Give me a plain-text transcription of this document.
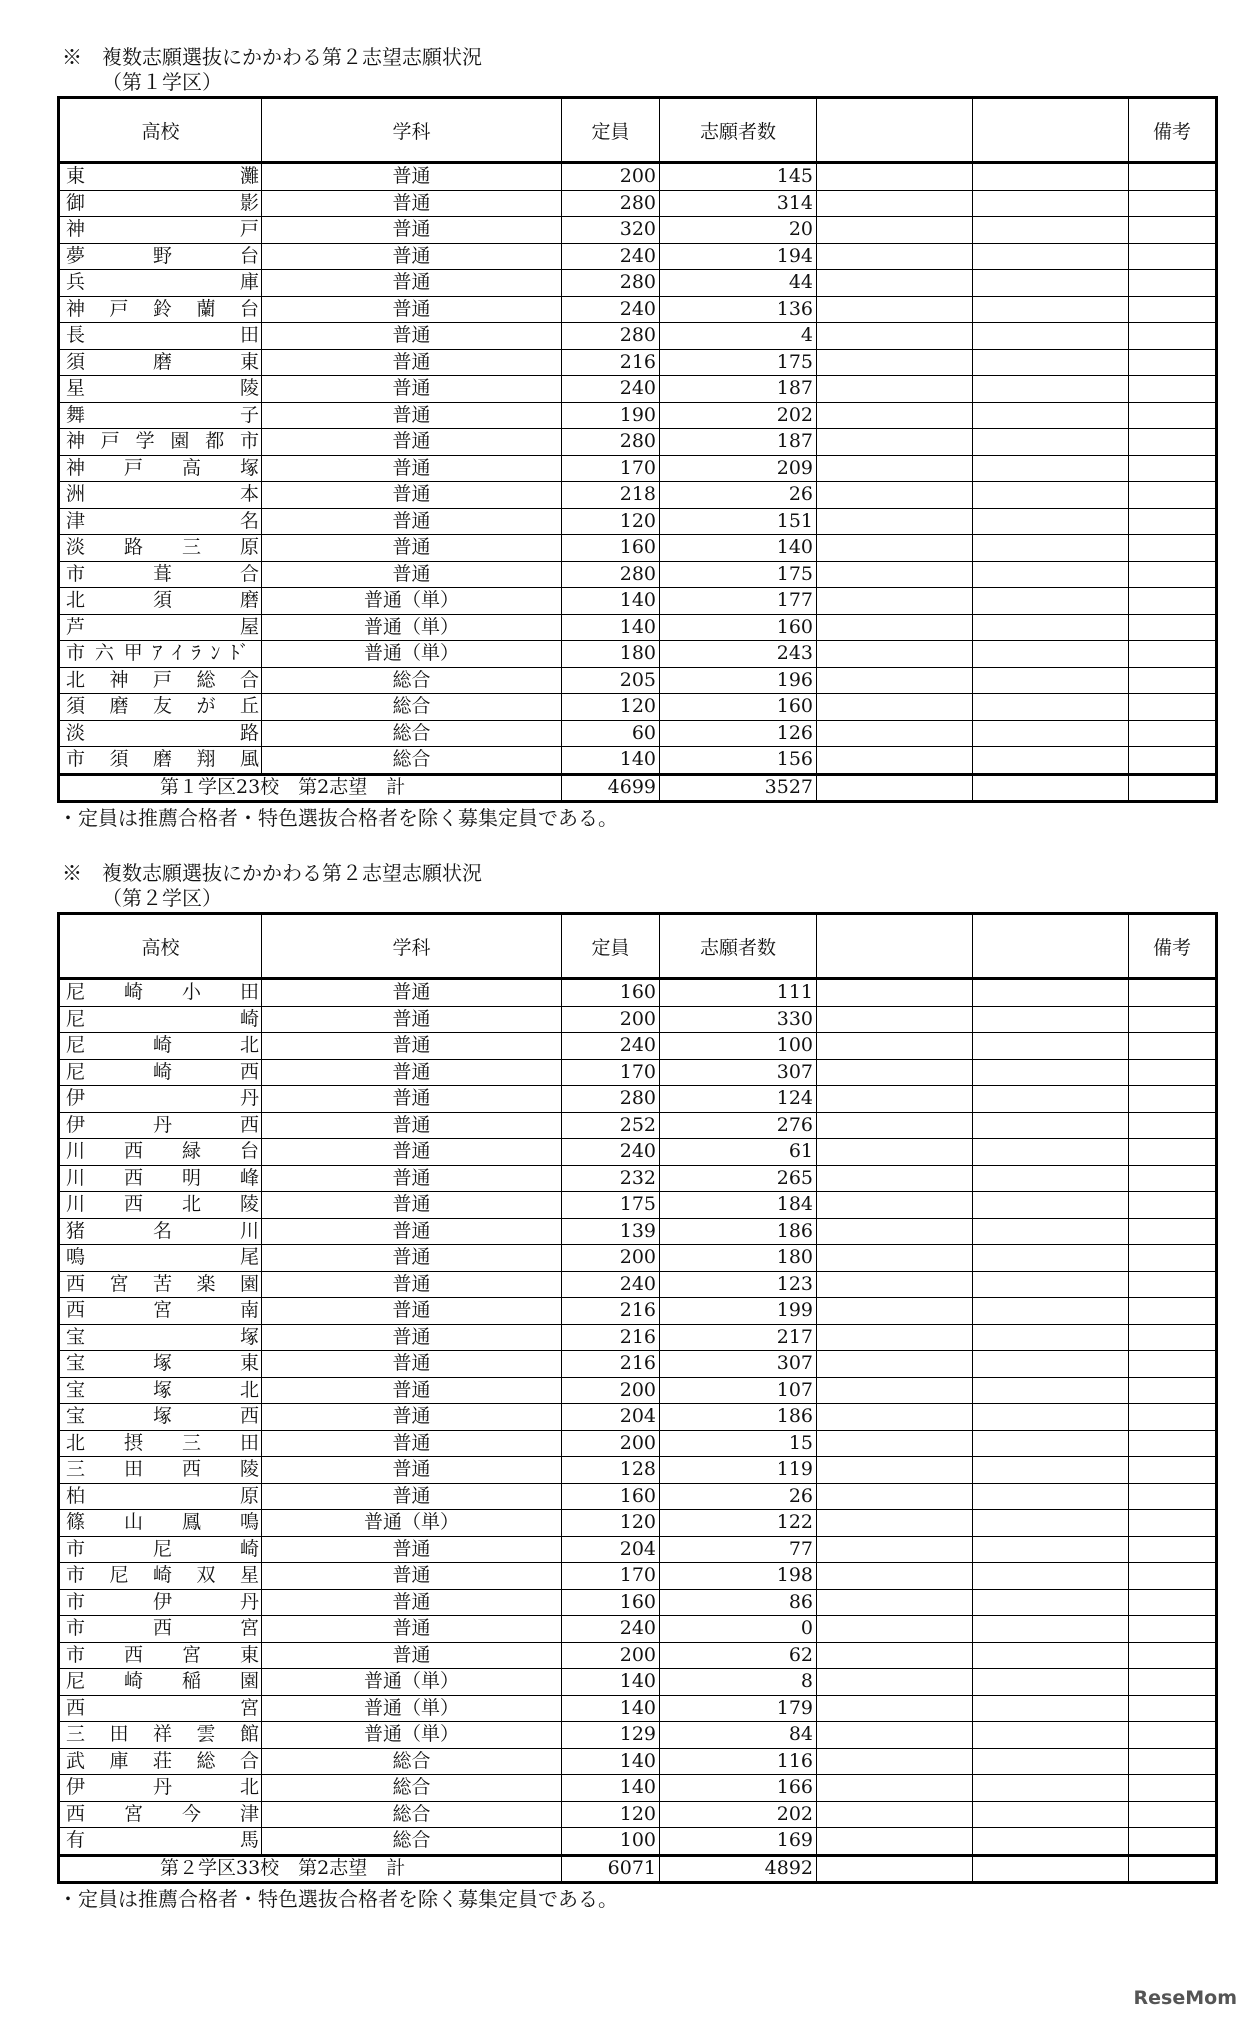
※　複数志願選抜にかかわる第２志望志願状況
（第１学区）
高校	学科	定員	志願者数			備考
東灘	普通	200	145			
御影	普通	280	314			
神戸	普通	320	20			
夢野台	普通	240	194			
兵庫	普通	280	44			
神戸鈴蘭台	普通	240	136			
長田	普通	280	4			
須磨東	普通	216	175			
星陵	普通	240	187			
舞子	普通	190	202			
神戸学園都市	普通	280	187			
神戸高塚	普通	170	209			
洲本	普通	218	26			
津名	普通	120	151			
淡路三原	普通	160	140			
市葺合	普通	280	175			
北須磨	普通（単）	140	177			
芦屋	普通（単）	140	160			
市六甲ｱｲﾗﾝﾄﾞ	普通（単）	180	243			
北神戸総合	総合	205	196			
須磨友が丘	総合	120	160			
淡路	総合	60	126			
市須磨翔風	総合	140	156			
第１学区23校　第2志望　計		4699	3527			
・定員は推薦合格者・特色選抜合格者を除く募集定員である。
※　複数志願選抜にかかわる第２志望志願状況
（第２学区）
高校	学科	定員	志願者数			備考
尼崎小田	普通	160	111			
尼崎	普通	200	330			
尼崎北	普通	240	100			
尼崎西	普通	170	307			
伊丹	普通	280	124			
伊丹西	普通	252	276			
川西緑台	普通	240	61			
川西明峰	普通	232	265			
川西北陵	普通	175	184			
猪名川	普通	139	186			
鳴尾	普通	200	180			
西宮苦楽園	普通	240	123			
西宮南	普通	216	199			
宝塚	普通	216	217			
宝塚東	普通	216	307			
宝塚北	普通	200	107			
宝塚西	普通	204	186			
北摂三田	普通	200	15			
三田西陵	普通	128	119			
柏原	普通	160	26			
篠山鳳鳴	普通（単）	120	122			
市尼崎	普通	204	77			
市尼崎双星	普通	170	198			
市伊丹	普通	160	86			
市西宮	普通	240	0			
市西宮東	普通	200	62			
尼崎稲園	普通（単）	140	8			
西宮	普通（単）	140	179			
三田祥雲館	普通（単）	129	84			
武庫荘総合	総合	140	116			
伊丹北	総合	140	166			
西宮今津	総合	120	202			
有馬	総合	100	169			
第２学区33校　第2志望　計		6071	4892			
・定員は推薦合格者・特色選抜合格者を除く募集定員である。
ReseMom
